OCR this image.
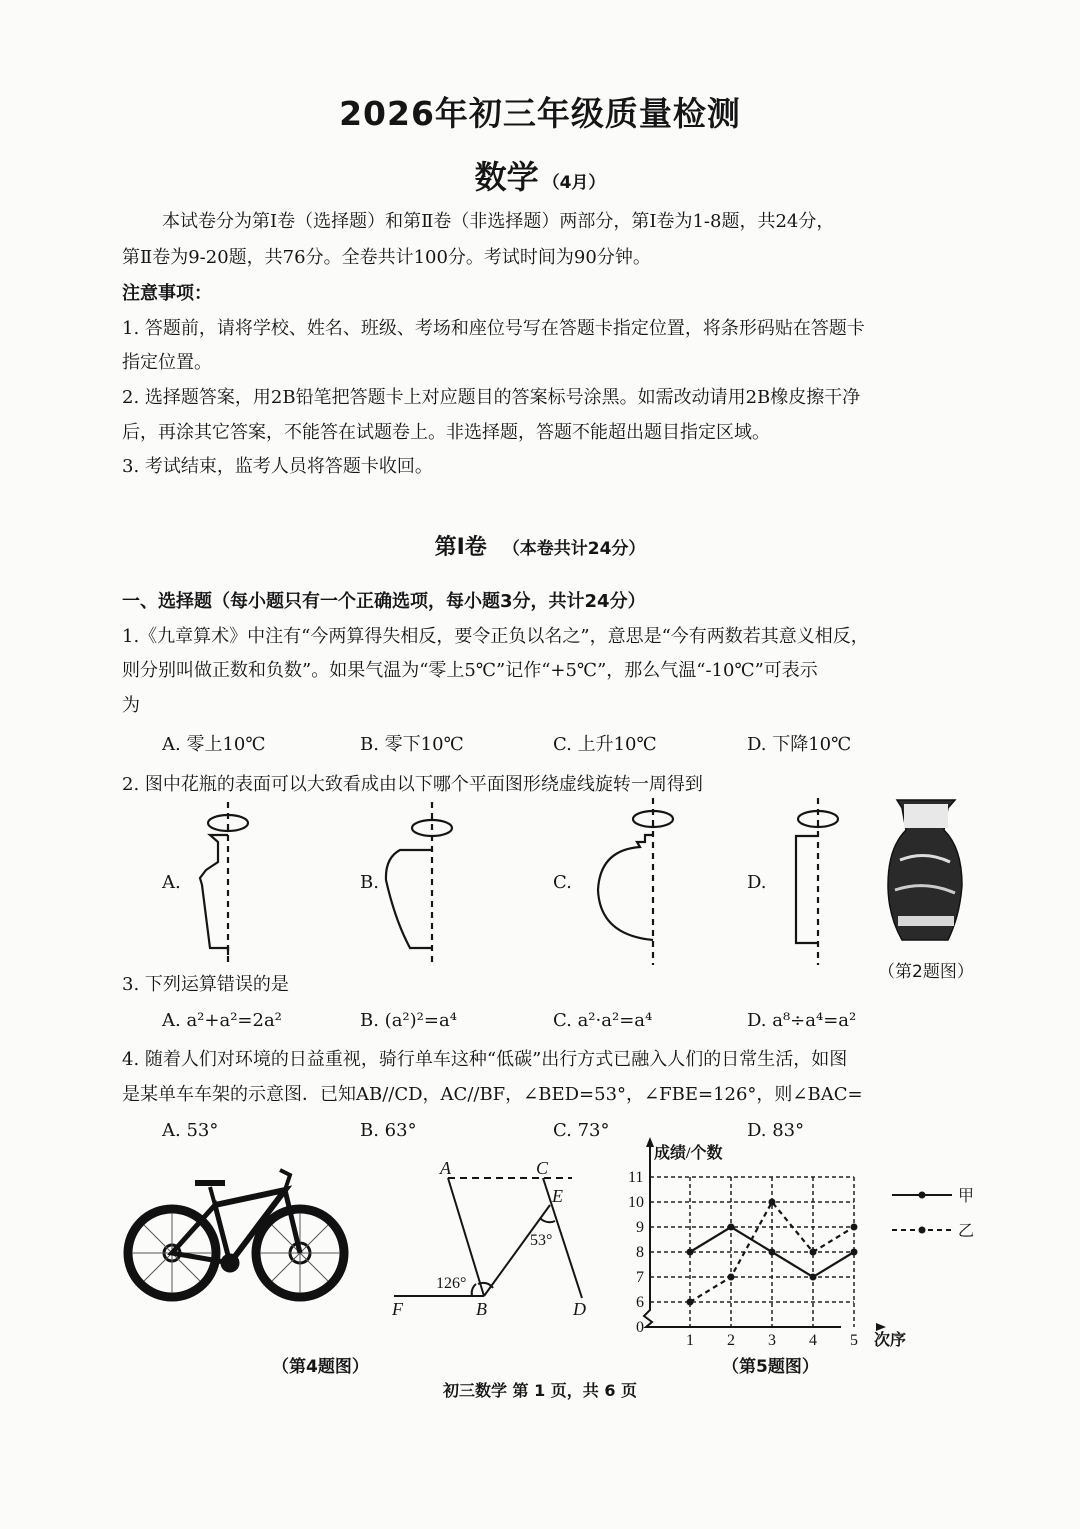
2026年初三年级质量检测
数学 （4月）
本试卷分为第Ⅰ卷（选择题）和第Ⅱ卷（非选择题）两部分，第Ⅰ卷为1-8题，共24分，
第Ⅱ卷为9-20题，共76分。全卷共计100分。考试时间为90分钟。
注意事项：
1. 答题前，请将学校、姓名、班级、考场和座位号写在答题卡指定位置，将条形码贴在答题卡
指定位置。
2. 选择题答案，用2B铅笔把答题卡上对应题目的答案标号涂黑。如需改动请用2B橡皮擦干净
后，再涂其它答案，不能答在试题卷上。非选择题，答题不能超出题目指定区域。
3. 考试结束，监考人员将答题卡收回。
第Ⅰ卷 （本卷共计24分）
一、选择题（每小题只有一个正确选项，每小题3分，共计24分）
1.《九章算术》中注有“今两算得失相反，要令正负以名之”，意思是“今有两数若其意义相反，
则分别叫做正数和负数”。如果气温为“零上5℃”记作“+5℃”，那么气温“-10℃”可表示
为
A. 零上10℃	B. 零下10℃	C. 上升10℃	D. 下降10℃
2. 图中花瓶的表面可以大致看成由以下哪个平面图形绕虚线旋转一周得到
A.	B.	C.	D.
（第2题图）
3. 下列运算错误的是
A. a²+a²=2a²	B. (a²)²=a⁴	C. a²·a²=a⁴	D. a⁸÷a⁴=a²
4. 随着人们对环境的日益重视，骑行单车这种“低碳”出行方式已融入人们的日常生活，如图
是某单车车架的示意图．已知AB//CD，AC//BF，∠BED=53°，∠FBE=126°，则∠BAC=
A. 53°	B. 63°	C. 73°	D. 83°
（第4题图）
A	C
E
B
F	D
126°
53°
成绩/个数
次序
0
6
7
8
9
10
11
1 2 3 4 5
甲
乙
（第5题图）
初三数学 第 1 页，共 6 页
